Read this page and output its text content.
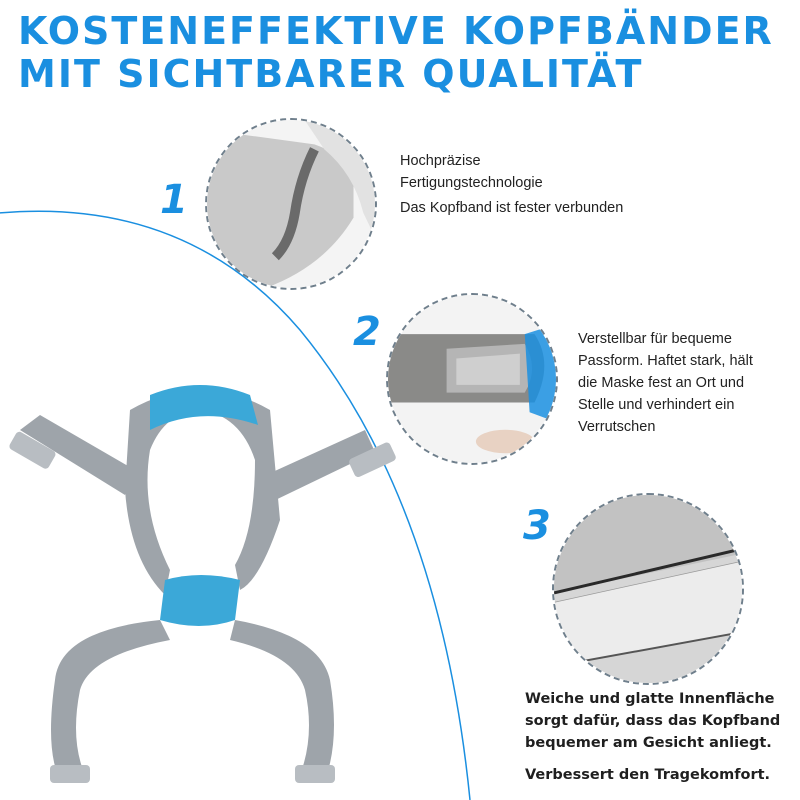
KOSTENEFFEKTIVE KOPFBÄNDER
MIT SICHTBARER QUALITÄT
1

Hochpräzise

Fertigungstechnologie

Das Kopfband ist fester verbunden

2	Verstellbar für bequeme

Passform. Haftet stark, hält

die Maske fest an Ort und

Stelle und verhindert ein

Verrutschen

3
Weiche und glatte Innenfläche
sorgt dafür, dass das Kopfband
bequemer am Gesicht anliegt.
Verbessert den Tragekomfort.
